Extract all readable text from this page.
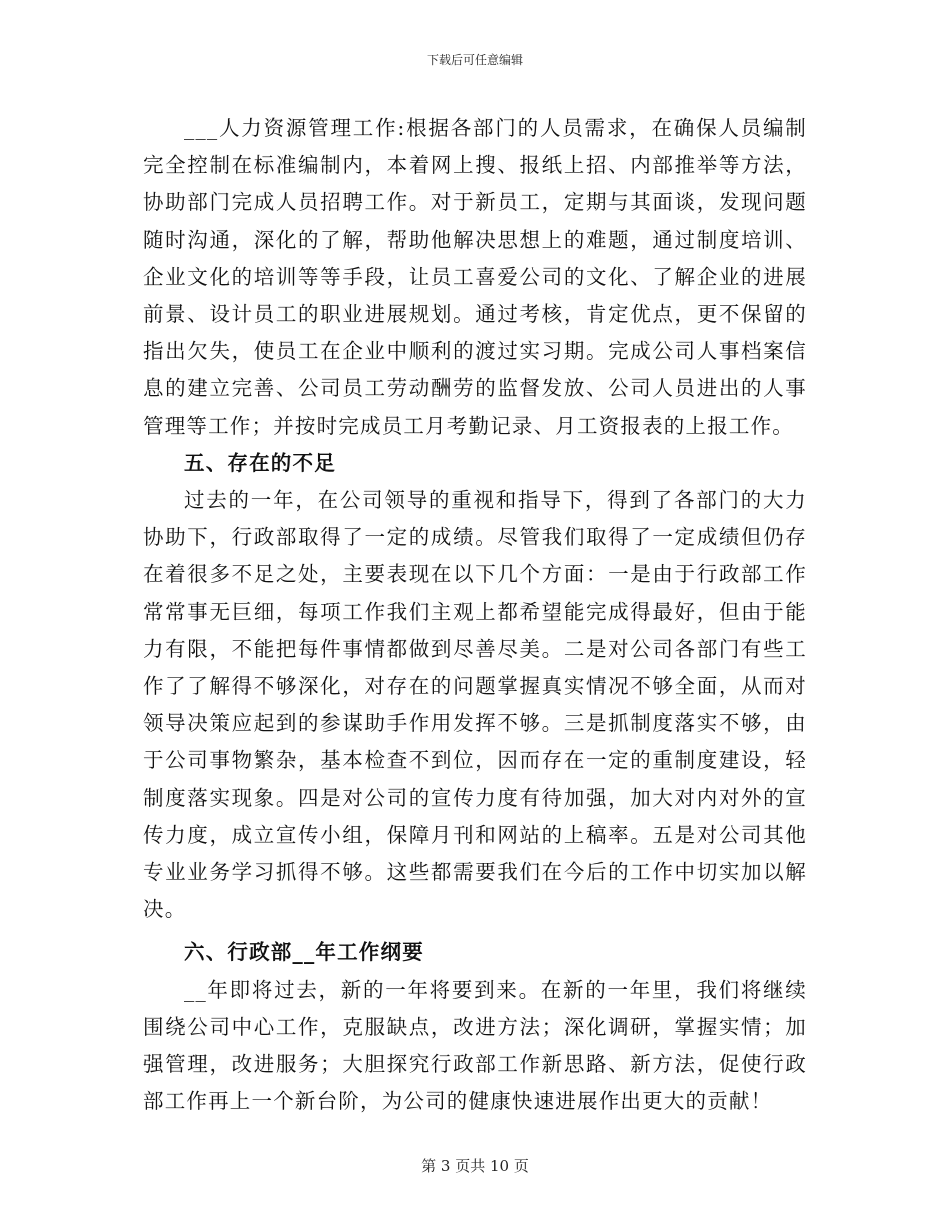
下载后可任意编辑

___人力资源管理工作:根据各部门的人员需求，在确保人员编制完全控制在标准编制内，本着网上搜、报纸上招、内部推举等方法，协助部门完成人员招聘工作。对于新员工，定期与其面谈，发现问题随时沟通，深化的了解，帮助他解决思想上的难题，通过制度培训、企业文化的培训等等手段，让员工喜爱公司的文化、了解企业的进展前景、设计员工的职业进展规划。通过考核，肯定优点，更不保留的指出欠失，使员工在企业中顺利的渡过实习期。完成公司人事档案信息的建立完善、公司员工劳动酬劳的监督发放、公司人员进出的人事管理等工作；并按时完成员工月考勤记录、月工资报表的上报工作。

五、存在的不足

过去的一年，在公司领导的重视和指导下，得到了各部门的大力协助下，行政部取得了一定的成绩。尽管我们取得了一定成绩但仍存在着很多不足之处，主要表现在以下几个方面：一是由于行政部工作常常事无巨细，每项工作我们主观上都希望能完成得最好，但由于能力有限，不能把每件事情都做到尽善尽美。二是对公司各部门有些工作了了解得不够深化，对存在的问题掌握真实情况不够全面，从而对领导决策应起到的参谋助手作用发挥不够。三是抓制度落实不够，由于公司事物繁杂，基本检查不到位，因而存在一定的重制度建设，轻制度落实现象。四是对公司的宣传力度有待加强，加大对内对外的宣传力度，成立宣传小组，保障月刊和网站的上稿率。五是对公司其他专业业务学习抓得不够。这些都需要我们在今后的工作中切实加以解决。

六、行政部__年工作纲要

__年即将过去，新的一年将要到来。在新的一年里，我们将继续围绕公司中心工作，克服缺点，改进方法；深化调研，掌握实情；加强管理，改进服务；大胆探究行政部工作新思路、新方法，促使行政部工作再上一个新台阶，为公司的健康快速进展作出更大的贡献！

第 3 页共 10 页
